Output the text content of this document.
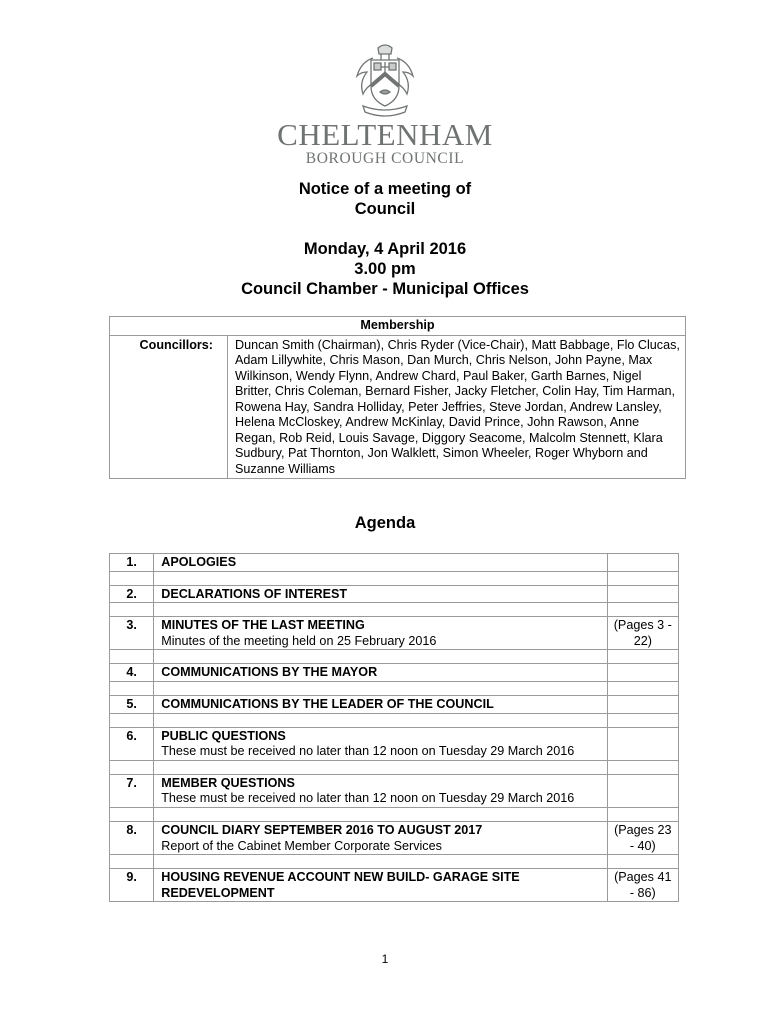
CHELTENHAM
BOROUGH COUNCIL
Notice of a meeting of
Council
Monday, 4 April 2016
3.00 pm
Council Chamber - Municipal Offices
Membership
Councillors:	Duncan Smith (Chairman), Chris Ryder (Vice-Chair), Matt Babbage, Flo Clucas, Adam Lillywhite, Chris Mason, Dan Murch, Chris Nelson, John Payne, Max Wilkinson, Wendy Flynn, Andrew Chard, Paul Baker, Garth Barnes, Nigel Britter, Chris Coleman, Bernard Fisher, Jacky Fletcher, Colin Hay, Tim Harman, Rowena Hay, Sandra Holliday, Peter Jeffries, Steve Jordan, Andrew Lansley, Helena McCloskey, Andrew McKinlay, David Prince, John Rawson, Anne Regan, Rob Reid, Louis Savage, Diggory Seacome, Malcolm Stennett, Klara Sudbury, Pat Thornton, Jon Walklett, Simon Wheeler, Roger Whyborn and Suzanne Williams
Agenda
1.	APOLOGIES	

2.	DECLARATIONS OF INTEREST	

3.	MINUTES OF THE LAST MEETING
Minutes of the meeting held on 25 February 2016	(Pages 3 - 22)

4.	COMMUNICATIONS BY THE MAYOR	

5.	COMMUNICATIONS BY THE LEADER OF THE COUNCIL	

6.	PUBLIC QUESTIONS
These must be received no later than 12 noon on Tuesday 29 March 2016	

7.	MEMBER QUESTIONS
These must be received no later than 12 noon on Tuesday 29 March 2016	

8.	COUNCIL DIARY SEPTEMBER 2016 TO AUGUST 2017
Report of the Cabinet Member Corporate Services	(Pages 23 - 40)

9.	HOUSING REVENUE ACCOUNT NEW BUILD- GARAGE SITE REDEVELOPMENT	(Pages 41 - 86)
1
